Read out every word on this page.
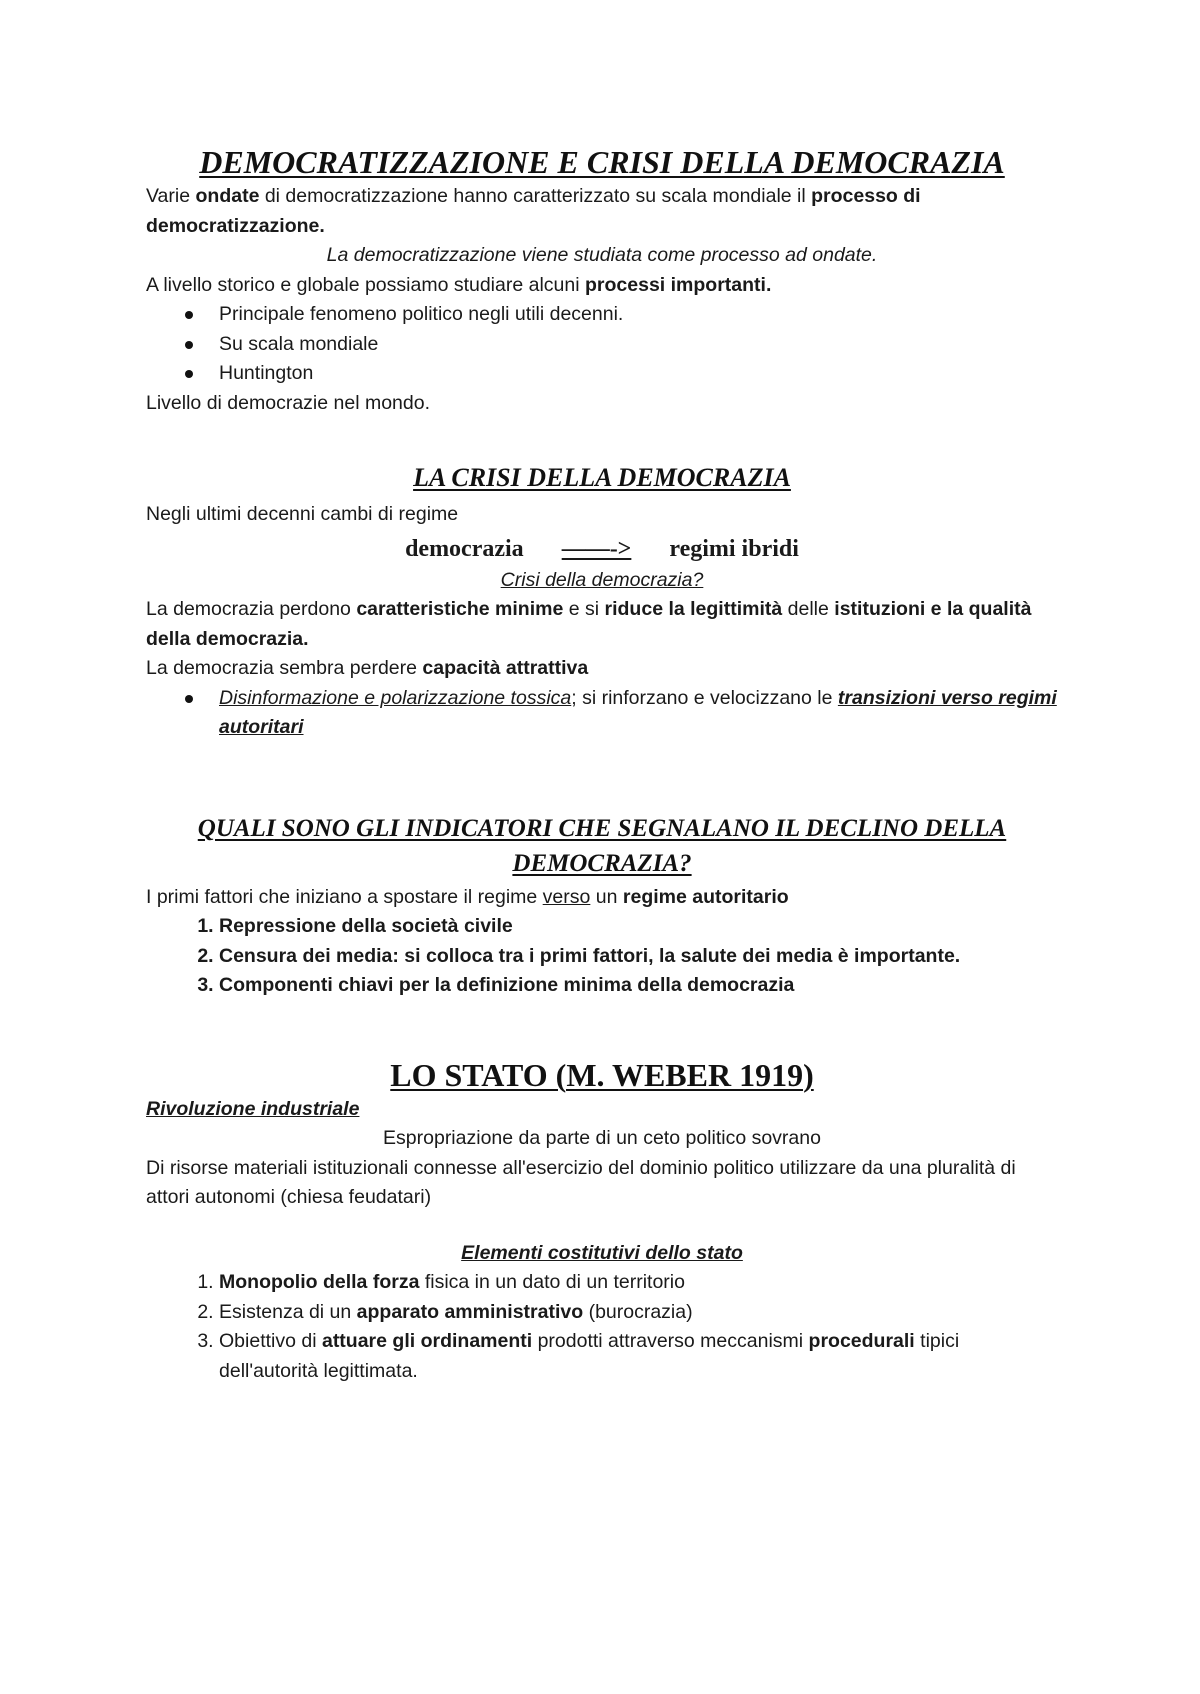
DEMOCRATIZZAZIONE E CRISI DELLA DEMOCRAZIA

Varie ondate di democratizzazione hanno caratterizzato su scala mondiale il processo di democratizzazione.

La democratizzazione viene studiata come processo ad ondate.

A livello storico e globale possiamo studiare alcuni processi importanti.

Principale fenomeno politico negli utili decenni.
Su scala mondiale
Huntington

Livello di democrazie nel mondo.

LA CRISI DELLA DEMOCRAZIA

Negli ultimi decenni cambi di regime

democrazia ——-> regimi ibridi

Crisi della democrazia?

La democrazia perdono caratteristiche minime e si riduce la legittimità delle istituzioni e la qualità della democrazia.

La democrazia sembra perdere capacità attrattiva

Disinformazione e polarizzazione tossica; si rinforzano e velocizzano le transizioni verso regimi autoritari
QUALI SONO GLI INDICATORI CHE SEGNALANO IL DECLINO DELLA DEMOCRAZIA?

I primi fattori che iniziano a spostare il regime verso un regime autoritario

1. Repressione della società civile
2. Censura dei media: si colloca tra i primi fattori, la salute dei media è importante.
3. Componenti chiavi per la definizione minima della democrazia
LO STATO (M. WEBER 1919)

Rivoluzione industriale

Espropriazione da parte di un ceto politico sovrano

Di risorse materiali istituzionali connesse all'esercizio del dominio politico utilizzare da una pluralità di attori autonomi (chiesa feudatari)

Elementi costitutivi dello stato

1. Monopolio della forza fisica in un dato di un territorio
2. Esistenza di un apparato amministrativo (burocrazia)
3. Obiettivo di attuare gli ordinamenti prodotti attraverso meccanismi procedurali tipici dell'autorità legittimata.
